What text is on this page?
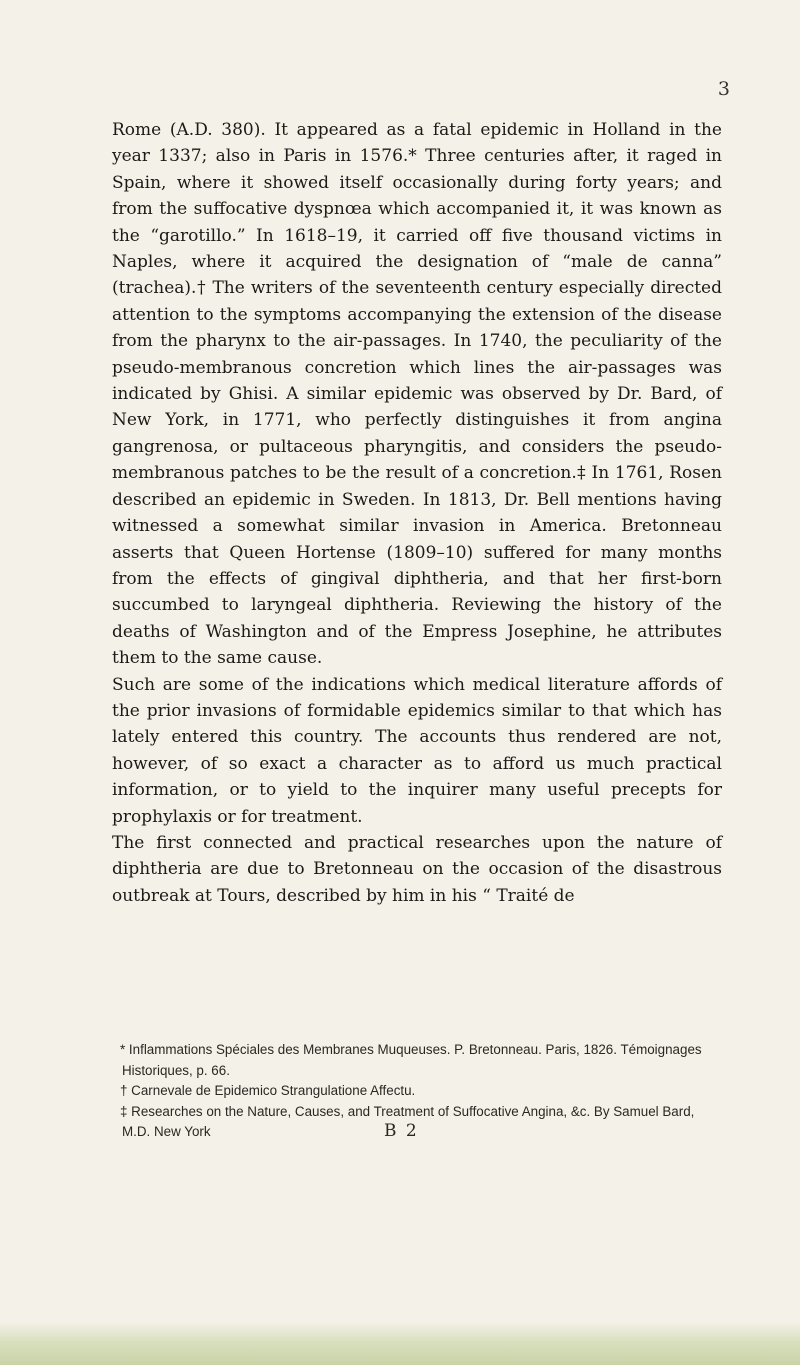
3

Rome (A.D. 380). It appeared as a fatal epidemic in Holland in the year 1337; also in Paris in 1576.* Three centuries after, it raged in Spain, where it showed itself occasionally during forty years; and from the suffocative dyspnœa which accompanied it, it was known as the “garotillo.” In 1618–19, it carried off five thousand victims in Naples, where it acquired the designation of “male de canna” (trachea).† The writers of the seventeenth century especially directed attention to the symptoms accompanying the extension of the disease from the pharynx to the air-passages. In 1740, the peculiarity of the pseudo-membranous concretion which lines the air-passages was indicated by Ghisi. A similar epidemic was observed by Dr. Bard, of New York, in 1771, who perfectly distinguishes it from angina gangrenosa, or pultaceous pharyngitis, and considers the pseudo-membranous patches to be the result of a concretion.‡ In 1761, Rosen described an epidemic in Sweden. In 1813, Dr. Bell mentions having witnessed a somewhat similar invasion in America. Bretonneau asserts that Queen Hortense (1809–10) suffered for many months from the effects of gingival diphtheria, and that her first-born succumbed to laryngeal diphtheria. Reviewing the history of the deaths of Washington and of the Empress Josephine, he attributes them to the same cause.

Such are some of the indications which medical literature affords of the prior invasions of formidable epidemics similar to that which has lately entered this country. The accounts thus rendered are not, however, of so exact a character as to afford us much practical information, or to yield to the inquirer many useful precepts for prophylaxis or for treatment.

The first connected and practical researches upon the nature of diphtheria are due to Bretonneau on the occasion of the disastrous outbreak at Tours, described by him in his “ Traité de

* Inflammations Spéciales des Membranes Muqueuses. P. Bretonneau. Paris, 1826. Témoignages Historiques, p. 66.

† Carnevale de Epidemico Strangulatione Affectu.

‡ Researches on the Nature, Causes, and Treatment of Suffocative Angina, &c. By Samuel Bard, M.D. New York	B 2
